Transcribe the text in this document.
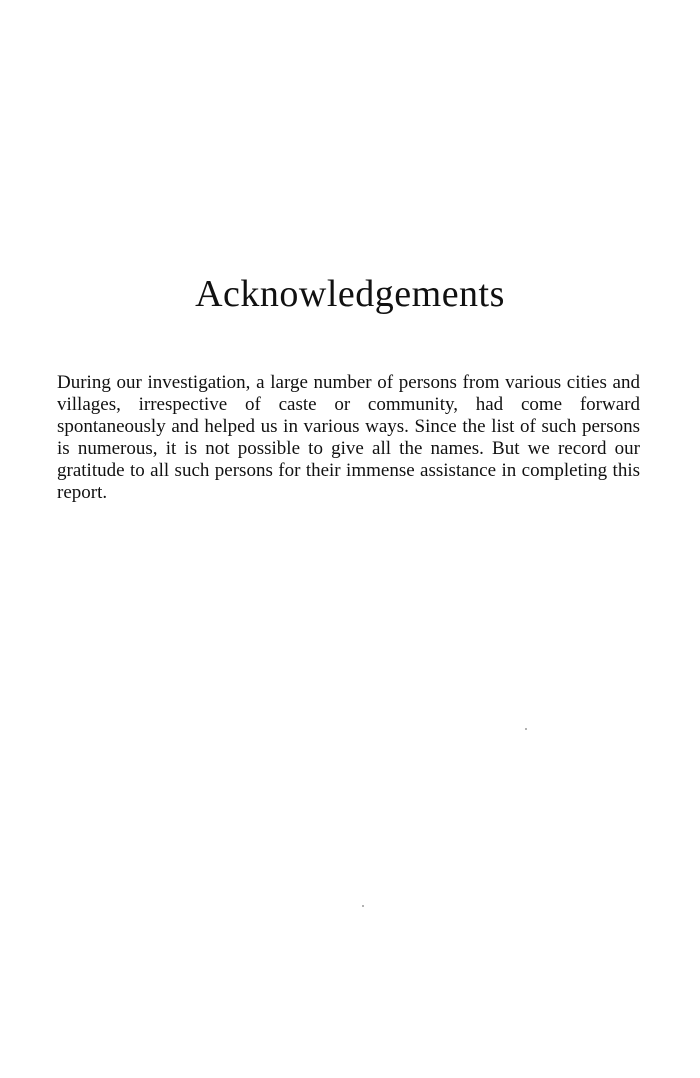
Acknowledgements

During our investigation, a large number of persons from various cities and villages, irrespective of caste or community, had come forward spontaneously and helped us in various ways. Since the list of such persons is numerous, it is not possible to give all the names. But we record our gratitude to all such persons for their immense assistance in completing this report.
